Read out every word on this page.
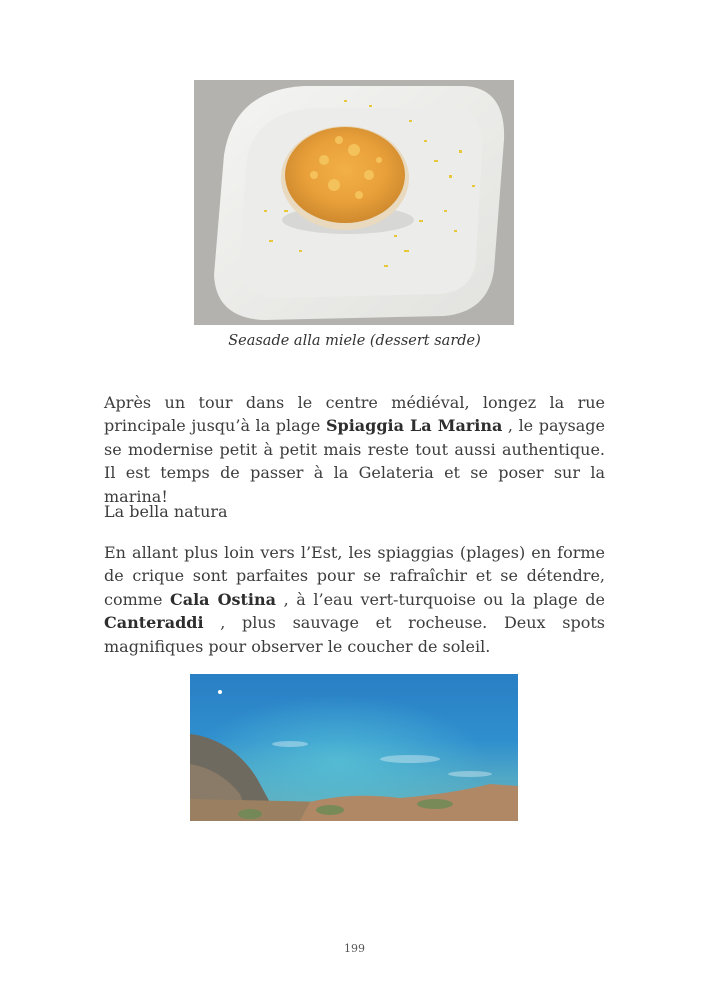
Seasade alla miele (dessert sarde)

Après un tour dans le centre médiéval, longez la rue principale jusqu’à la plage Spiaggia La Marina , le paysage se modernise petit à petit mais reste tout aussi authentique. Il est temps de passer à la Gelateria et se poser sur la marina!

La bella natura

En allant plus loin vers l’Est, les spiaggias (plages) en forme de crique sont parfaites pour se rafraîchir et se détendre, comme Cala Ostina , à l’eau vert-turquoise ou la plage de Canteraddi , plus sauvage et rocheuse. Deux spots magnifiques pour observer le coucher de soleil.

199
